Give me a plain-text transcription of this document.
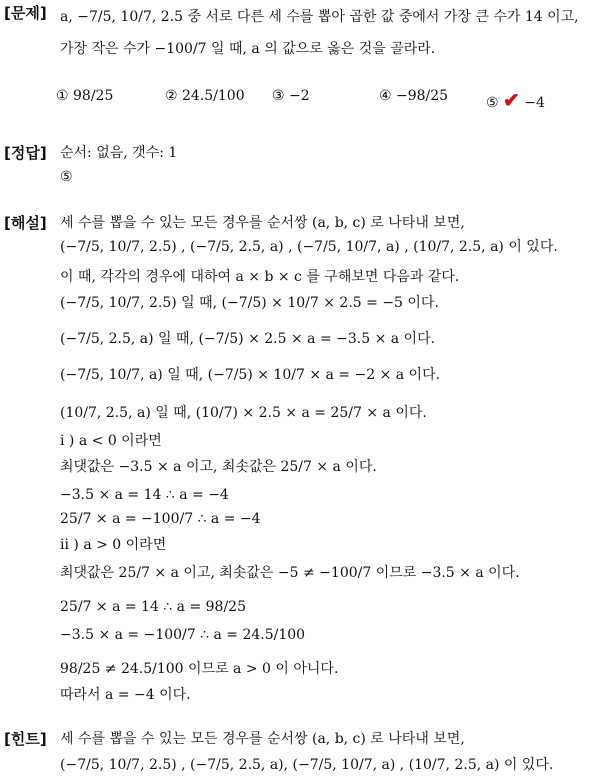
[문제]
[정답]
[해설]
[힌트]
a, −7/5, 10/7, 2.5 중 서로 다른 세 수를 뽑아 곱한 값 중에서 가장 큰 수가 14 이고,
가장 작은 수가 −100/7 일 때, a 의 값으로 옳은 것을 골라라.
① 98/25	② 24.5/100 ③ −2	④ −98/25	⑤ ✔ −4
순서: 없음, 갯수: 1
⑤
세 수를 뽑을 수 있는 모든 경우를 순서쌍 (a, b, c) 로 나타내 보면,
(−7/5, 10/7, 2.5) , (−7/5, 2.5, a) , (−7/5, 10/7, a) , (10/7, 2.5, a) 이 있다.
이 때, 각각의 경우에 대하여 a × b × c 를 구해보면 다음과 같다.
(−7/5, 10/7, 2.5) 일 때, (−7/5) × 10/7 × 2.5 = −5 이다.
(−7/5, 2.5, a) 일 때, (−7/5) × 2.5 × a = −3.5 × a 이다.
(−7/5, 10/7, a) 일 때, (−7/5) × 10/7 × a = −2 × a 이다.
(10/7, 2.5, a) 일 때, (10/7) × 2.5 × a = 25/7 × a 이다.
i ) a < 0 이라면
최댓값은 −3.5 × a 이고, 최솟값은 25/7 × a 이다.
−3.5 × a = 14 ∴ a = −4
25/7 × a = −100/7 ∴ a = −4
ii ) a > 0 이라면
최댓값은 25/7 × a 이고, 최솟값은 −5 ≠ −100/7 이므로 −3.5 × a 이다.
25/7 × a = 14 ∴ a = 98/25
−3.5 × a = −100/7 ∴ a = 24.5/100
98/25 ≠ 24.5/100 이므로 a > 0 이 아니다.
따라서 a = −4 이다.
세 수를 뽑을 수 있는 모든 경우를 순서쌍 (a, b, c) 로 나타내 보면,
(−7/5, 10/7, 2.5) , (−7/5, 2.5, a), (−7/5, 10/7, a) , (10/7, 2.5, a) 이 있다.
